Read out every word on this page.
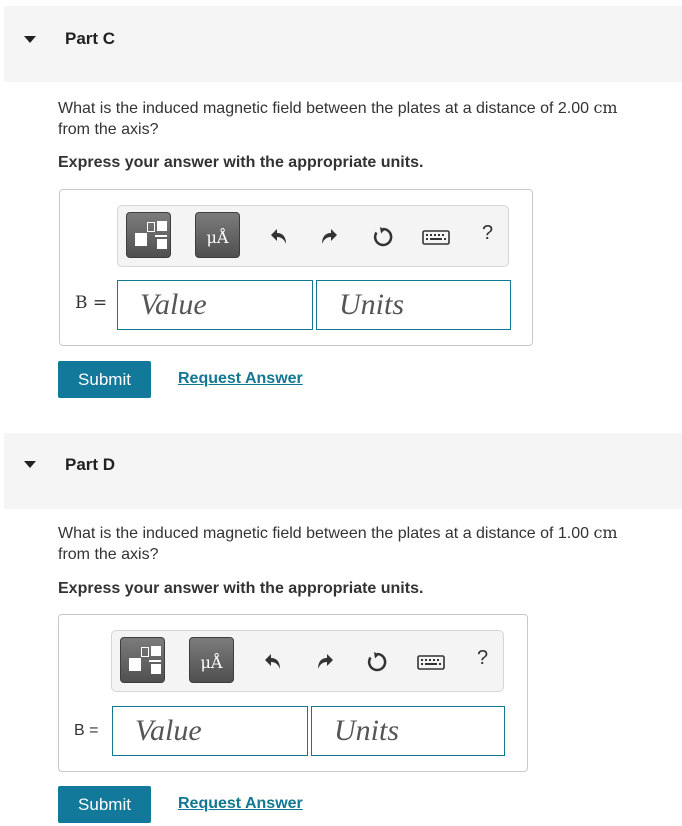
Part C
What is the induced magnetic field between the plates at a distance of 2.00 cm
from the axis?
Express your answer with the appropriate units.
μÅ	?
B =	Value	Units
Submit	Request Answer
Part D
What is the induced magnetic field between the plates at a distance of 1.00 cm
from the axis?
Express your answer with the appropriate units.
μÅ	?
B =	Value	Units
Submit	Request Answer
